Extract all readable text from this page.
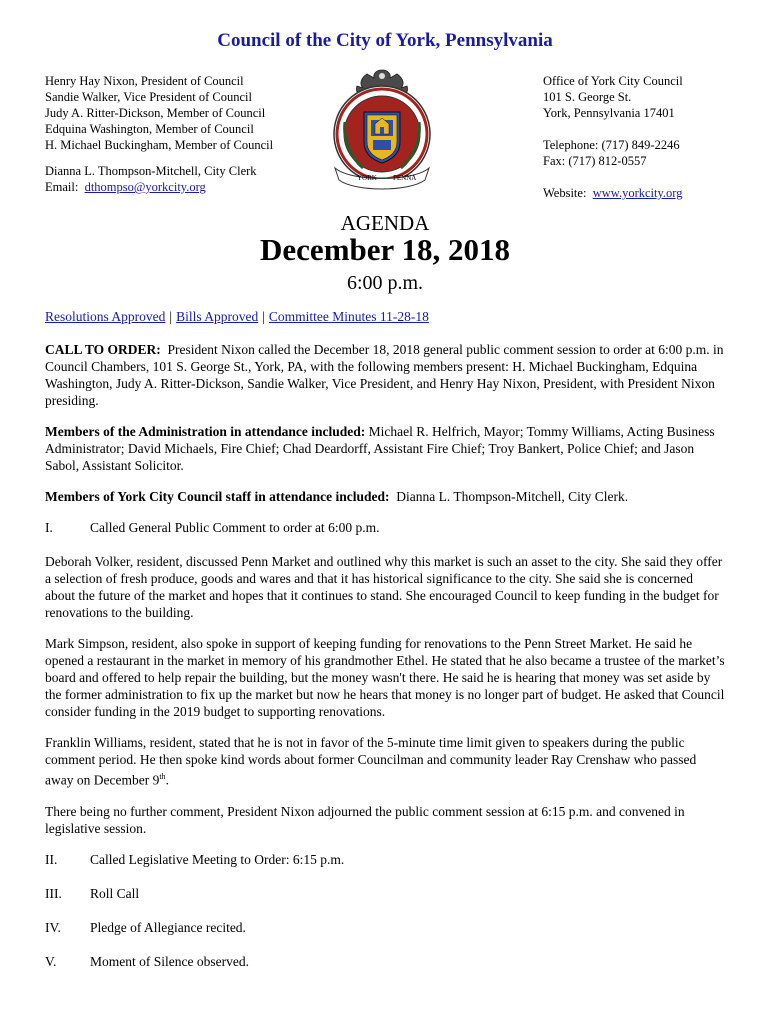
Council of the City of York, Pennsylvania
Henry Hay Nixon, President of Council
Sandie Walker, Vice President of Council
Judy A. Ritter-Dickson, Member of Council
Edquina Washington, Member of Council
H. Michael Buckingham, Member of Council
Dianna L. Thompson-Mitchell, City Clerk
Email: dthompso@yorkcity.org
YORK PENNA
Office of York City Council
101 S. George St.
York, Pennsylvania 17401
Telephone: (717) 849-2246
Fax: (717) 812-0557
Website: www.yorkcity.org
AGENDA
December 18, 2018
6:00 p.m.
Resolutions Approved | Bills Approved | Committee Minutes 11-28-18

CALL TO ORDER: President Nixon called the December 18, 2018 general public comment session to order at 6:00 p.m. in Council Chambers, 101 S. George St., York, PA, with the following members present: H. Michael Buckingham, Edquina Washington, Judy A. Ritter-Dickson, Sandie Walker, Vice President, and Henry Hay Nixon, President, with President Nixon presiding.

Members of the Administration in attendance included: Michael R. Helfrich, Mayor; Tommy Williams, Acting Business Administrator; David Michaels, Fire Chief; Chad Deardorff, Assistant Fire Chief; Troy Bankert, Police Chief; and Jason Sabol, Assistant Solicitor.

Members of York City Council staff in attendance included: Dianna L. Thompson-Mitchell, City Clerk.

I.	Called General Public Comment to order at 6:00 p.m.

Deborah Volker, resident, discussed Penn Market and outlined why this market is such an asset to the city. She said they offer a selection of fresh produce, goods and wares and that it has historical significance to the city. She said she is concerned about the future of the market and hopes that it continues to stand. She encouraged Council to keep funding in the budget for renovations to the building.

Mark Simpson, resident, also spoke in support of keeping funding for renovations to the Penn Street Market. He said he opened a restaurant in the market in memory of his grandmother Ethel. He stated that he also became a trustee of the market’s board and offered to help repair the building, but the money wasn't there. He said he is hearing that money was set aside by the former administration to fix up the market but now he hears that money is no longer part of budget. He asked that Council consider funding in the 2019 budget to supporting renovations.

Franklin Williams, resident, stated that he is not in favor of the 5-minute time limit given to speakers during the public comment period. He then spoke kind words about former Councilman and community leader Ray Crenshaw who passed away on December 9th.

There being no further comment, President Nixon adjourned the public comment session at 6:15 p.m. and convened in legislative session.

II.	Called Legislative Meeting to Order: 6:15 p.m.
III.	Roll Call
IV.	Pledge of Allegiance recited.
V.	Moment of Silence observed.
